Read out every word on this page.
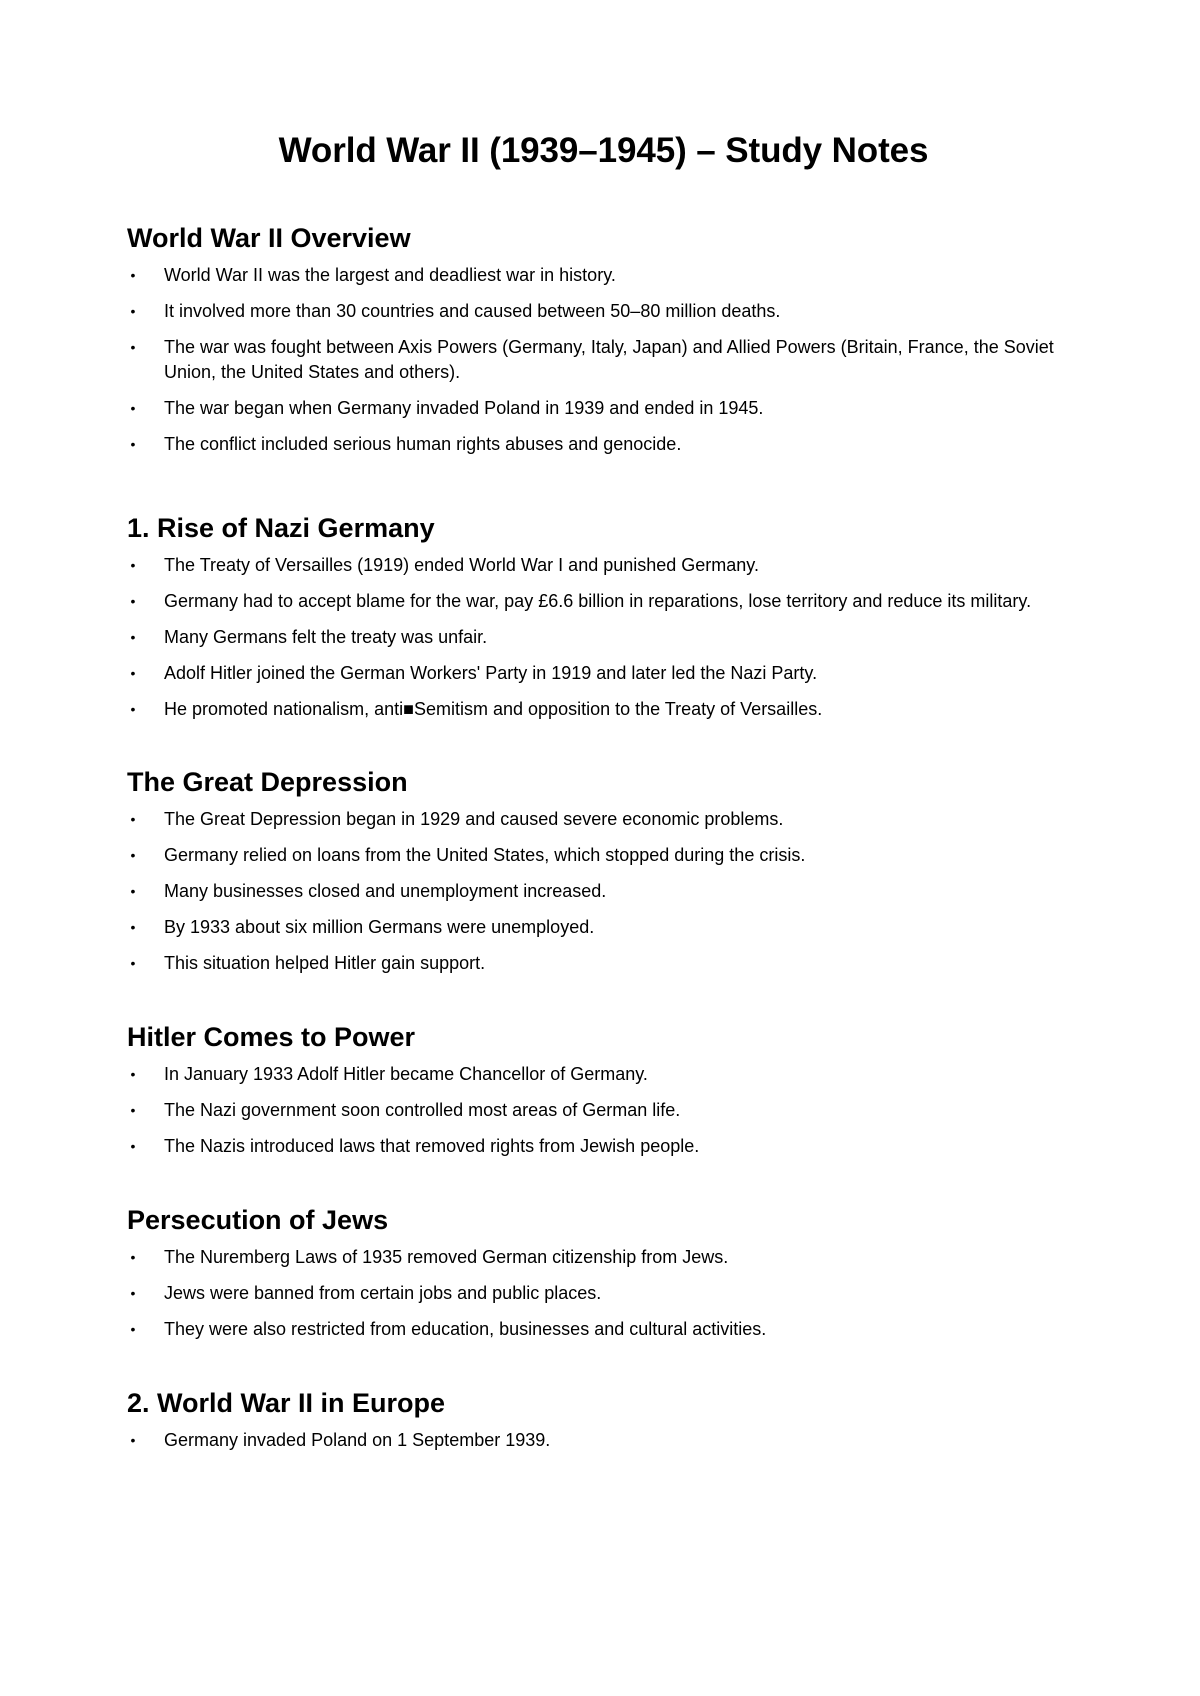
World War II (1939–1945) – Study Notes
World War II Overview
• World War II was the largest and deadliest war in history.
• It involved more than 30 countries and caused between 50–80 million deaths.
• The war was fought between Axis Powers (Germany, Italy, Japan) and Allied Powers (Britain, France, the Soviet Union, the United States and others).
• The war began when Germany invaded Poland in 1939 and ended in 1945.
• The conflict included serious human rights abuses and genocide.
1. Rise of Nazi Germany
• The Treaty of Versailles (1919) ended World War I and punished Germany.
• Germany had to accept blame for the war, pay £6.6 billion in reparations, lose territory and reduce its military.
• Many Germans felt the treaty was unfair.
• Adolf Hitler joined the German Workers' Party in 1919 and later led the Nazi Party.
• He promoted nationalism, anti■Semitism and opposition to the Treaty of Versailles.
The Great Depression
• The Great Depression began in 1929 and caused severe economic problems.
• Germany relied on loans from the United States, which stopped during the crisis.
• Many businesses closed and unemployment increased.
• By 1933 about six million Germans were unemployed.
• This situation helped Hitler gain support.
Hitler Comes to Power
• In January 1933 Adolf Hitler became Chancellor of Germany.
• The Nazi government soon controlled most areas of German life.
• The Nazis introduced laws that removed rights from Jewish people.
Persecution of Jews
• The Nuremberg Laws of 1935 removed German citizenship from Jews.
• Jews were banned from certain jobs and public places.
• They were also restricted from education, businesses and cultural activities.
2. World War II in Europe
• Germany invaded Poland on 1 September 1939.
